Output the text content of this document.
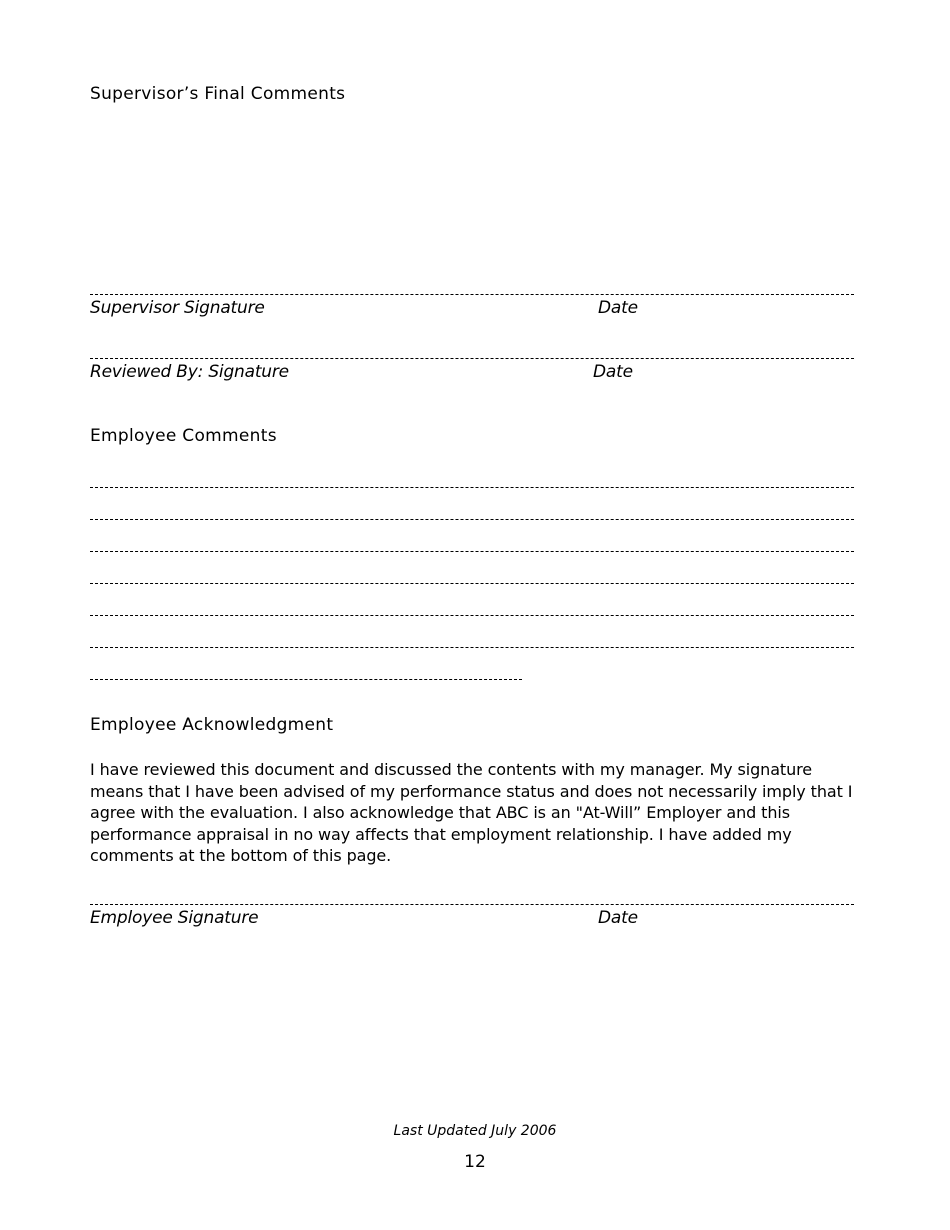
Supervisor’s Final Comments
Supervisor Signature	Date
Reviewed By: Signature	Date
Employee Comments
Employee Acknowledgment
I have reviewed this document and discussed the contents with my manager. My signature means that I have been advised of my performance status and does not necessarily imply that I agree with the evaluation. I also acknowledge that ABC is an "At-Will” Employer and this performance appraisal in no way affects that employment relationship. I have added my comments at the bottom of this page.
Employee Signature	Date
Last Updated July 2006
12
